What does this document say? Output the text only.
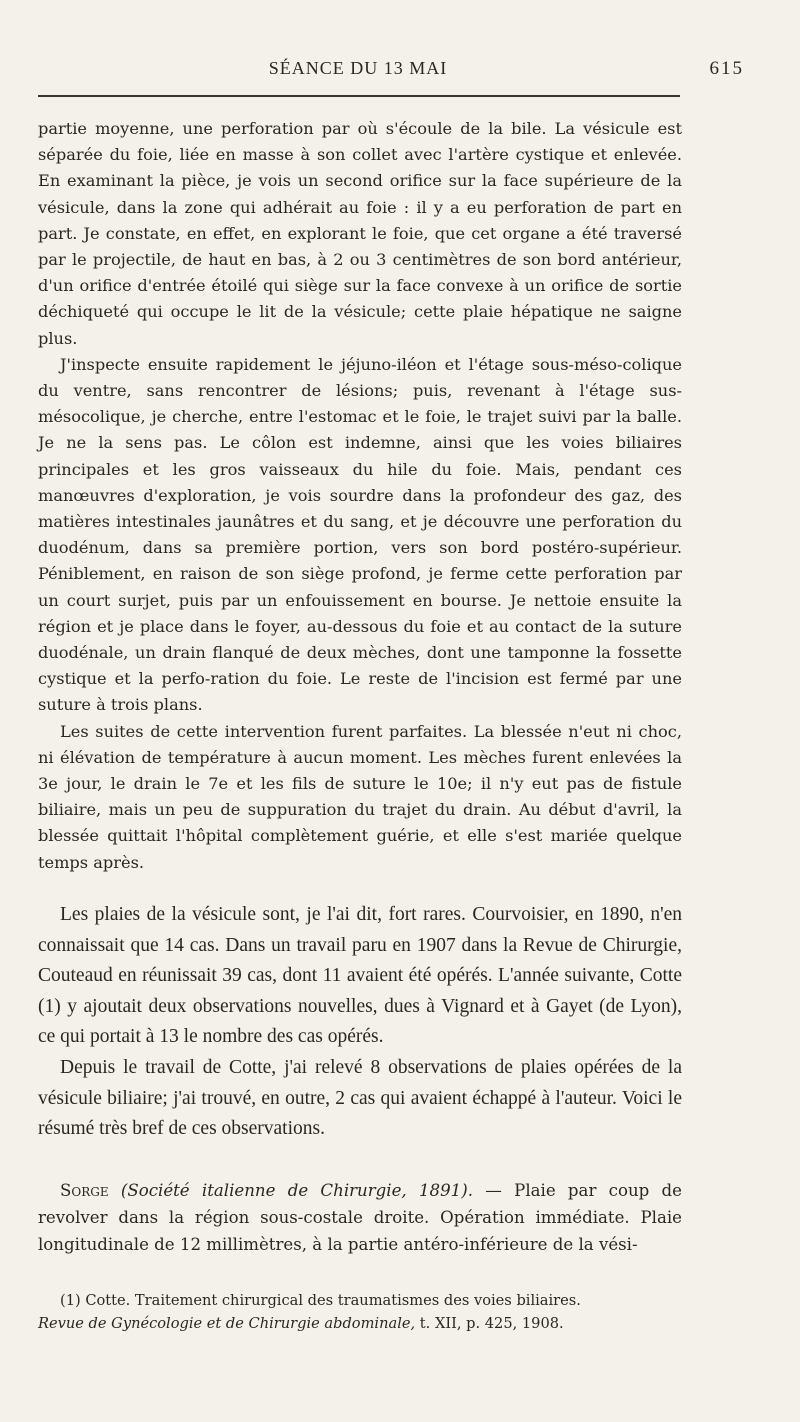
SÉANCE DU 13 MAI	615

partie moyenne, une perforation par où s'écoule de la bile. La vésicule est séparée du foie, liée en masse à son collet avec l'artère cystique et enlevée. En examinant la pièce, je vois un second orifice sur la face supérieure de la vésicule, dans la zone qui adhérait au foie : il y a eu perforation de part en part. Je constate, en effet, en explorant le foie, que cet organe a été traversé par le projectile, de haut en bas, à 2 ou 3 centimètres de son bord antérieur, d'un orifice d'entrée étoilé qui siège sur la face convexe à un orifice de sortie déchiqueté qui occupe le lit de la vésicule; cette plaie hépatique ne saigne plus.

J'inspecte ensuite rapidement le jéjuno-iléon et l'étage sous-méso-colique du ventre, sans rencontrer de lésions; puis, revenant à l'étage sus-mésocolique, je cherche, entre l'estomac et le foie, le trajet suivi par la balle. Je ne la sens pas. Le côlon est indemne, ainsi que les voies biliaires principales et les gros vaisseaux du hile du foie. Mais, pendant ces manœuvres d'exploration, je vois sourdre dans la profondeur des gaz, des matières intestinales jaunâtres et du sang, et je découvre une perforation du duodénum, dans sa première portion, vers son bord postéro-supérieur. Péniblement, en raison de son siège profond, je ferme cette perforation par un court surjet, puis par un enfouissement en bourse. Je nettoie ensuite la région et je place dans le foyer, au-dessous du foie et au contact de la suture duodénale, un drain flanqué de deux mèches, dont une tamponne la fossette cystique et la perfo-ration du foie. Le reste de l'incision est fermé par une suture à trois plans.

Les suites de cette intervention furent parfaites. La blessée n'eut ni choc, ni élévation de température à aucun moment. Les mèches furent enlevées la 3e jour, le drain le 7e et les fils de suture le 10e; il n'y eut pas de fistule biliaire, mais un peu de suppuration du trajet du drain. Au début d'avril, la blessée quittait l'hôpital complètement guérie, et elle s'est mariée quelque temps après.

Les plaies de la vésicule sont, je l'ai dit, fort rares. Courvoisier, en 1890, n'en connaissait que 14 cas. Dans un travail paru en 1907 dans la Revue de Chirurgie, Couteaud en réunissait 39 cas, dont 11 avaient été opérés. L'année suivante, Cotte (1) y ajoutait deux observations nouvelles, dues à Vignard et à Gayet (de Lyon), ce qui portait à 13 le nombre des cas opérés.

Depuis le travail de Cotte, j'ai relevé 8 observations de plaies opérées de la vésicule biliaire; j'ai trouvé, en outre, 2 cas qui avaient échappé à l'auteur. Voici le résumé très bref de ces observations.

Sorge (Société italienne de Chirurgie, 1891). — Plaie par coup de revolver dans la région sous-costale droite. Opération immédiate. Plaie longitudinale de 12 millimètres, à la partie antéro-inférieure de la vési-
(1) Cotte. Traitement chirurgical des traumatismes des voies biliaires.
Revue de Gynécologie et de Chirurgie abdominale, t. XII, p. 425, 1908.
